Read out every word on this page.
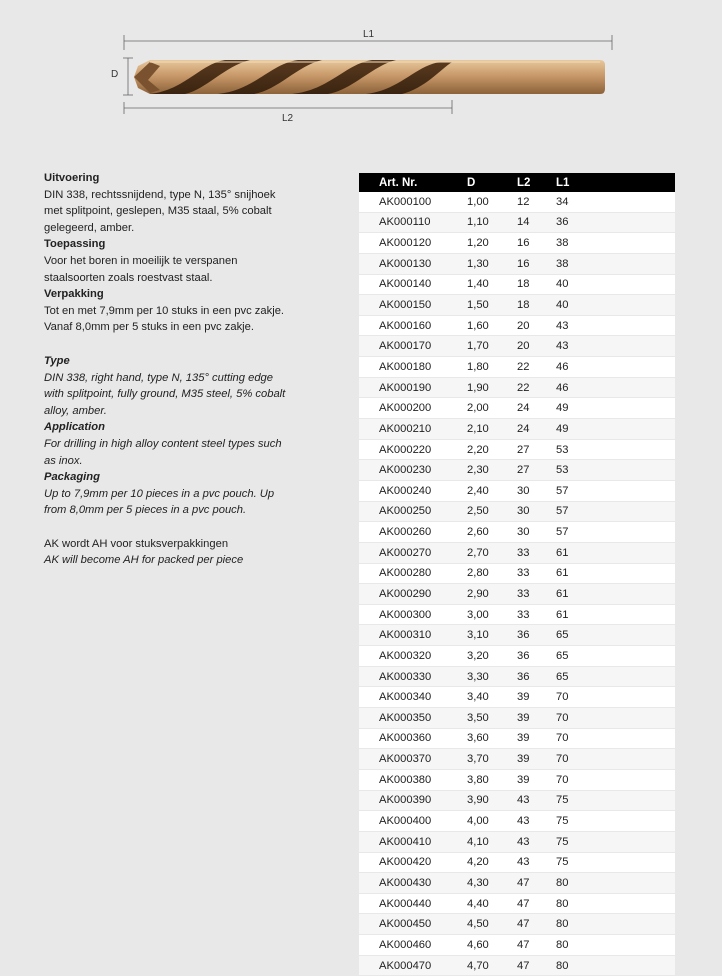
L1
L2
D

Uitvoering

DIN 338, rechtssnijdend, type N, 135° snijhoek met splitpoint, geslepen, M35 staal, 5% cobalt gelegeerd, amber.

Toepassing

Voor het boren in moeilijk te verspanen staalsoorten zoals roestvast staal.

Verpakking

Tot en met 7,9mm per 10 stuks in een pvc zakje. Vanaf 8,0mm per 5 stuks in een pvc zakje.

Type

DIN 338, right hand, type N, 135° cutting edge with splitpoint, fully ground, M35 steel, 5% cobalt alloy, amber.

Application

For drilling in high alloy content steel types such as inox.

Packaging

Up to 7,9mm per 10 pieces in a pvc pouch. Up from 8,0mm per 5 pieces in a pvc pouch.

AK wordt AH voor stuksverpakkingen

AK will become AH for packed per piece

Art. Nr.	D	L2	L1
AK000100	1,00	12	34
AK000110	1,10	14	36
AK000120	1,20	16	38
AK000130	1,30	16	38
AK000140	1,40	18	40
AK000150	1,50	18	40
AK000160	1,60	20	43
AK000170	1,70	20	43
AK000180	1,80	22	46
AK000190	1,90	22	46
AK000200	2,00	24	49
AK000210	2,10	24	49
AK000220	2,20	27	53
AK000230	2,30	27	53
AK000240	2,40	30	57
AK000250	2,50	30	57
AK000260	2,60	30	57
AK000270	2,70	33	61
AK000280	2,80	33	61
AK000290	2,90	33	61
AK000300	3,00	33	61
AK000310	3,10	36	65
AK000320	3,20	36	65
AK000330	3,30	36	65
AK000340	3,40	39	70
AK000350	3,50	39	70
AK000360	3,60	39	70
AK000370	3,70	39	70
AK000380	3,80	39	70
AK000390	3,90	43	75
AK000400	4,00	43	75
AK000410	4,10	43	75
AK000420	4,20	43	75
AK000430	4,30	47	80
AK000440	4,40	47	80
AK000450	4,50	47	80
AK000460	4,60	47	80
AK000470	4,70	47	80
